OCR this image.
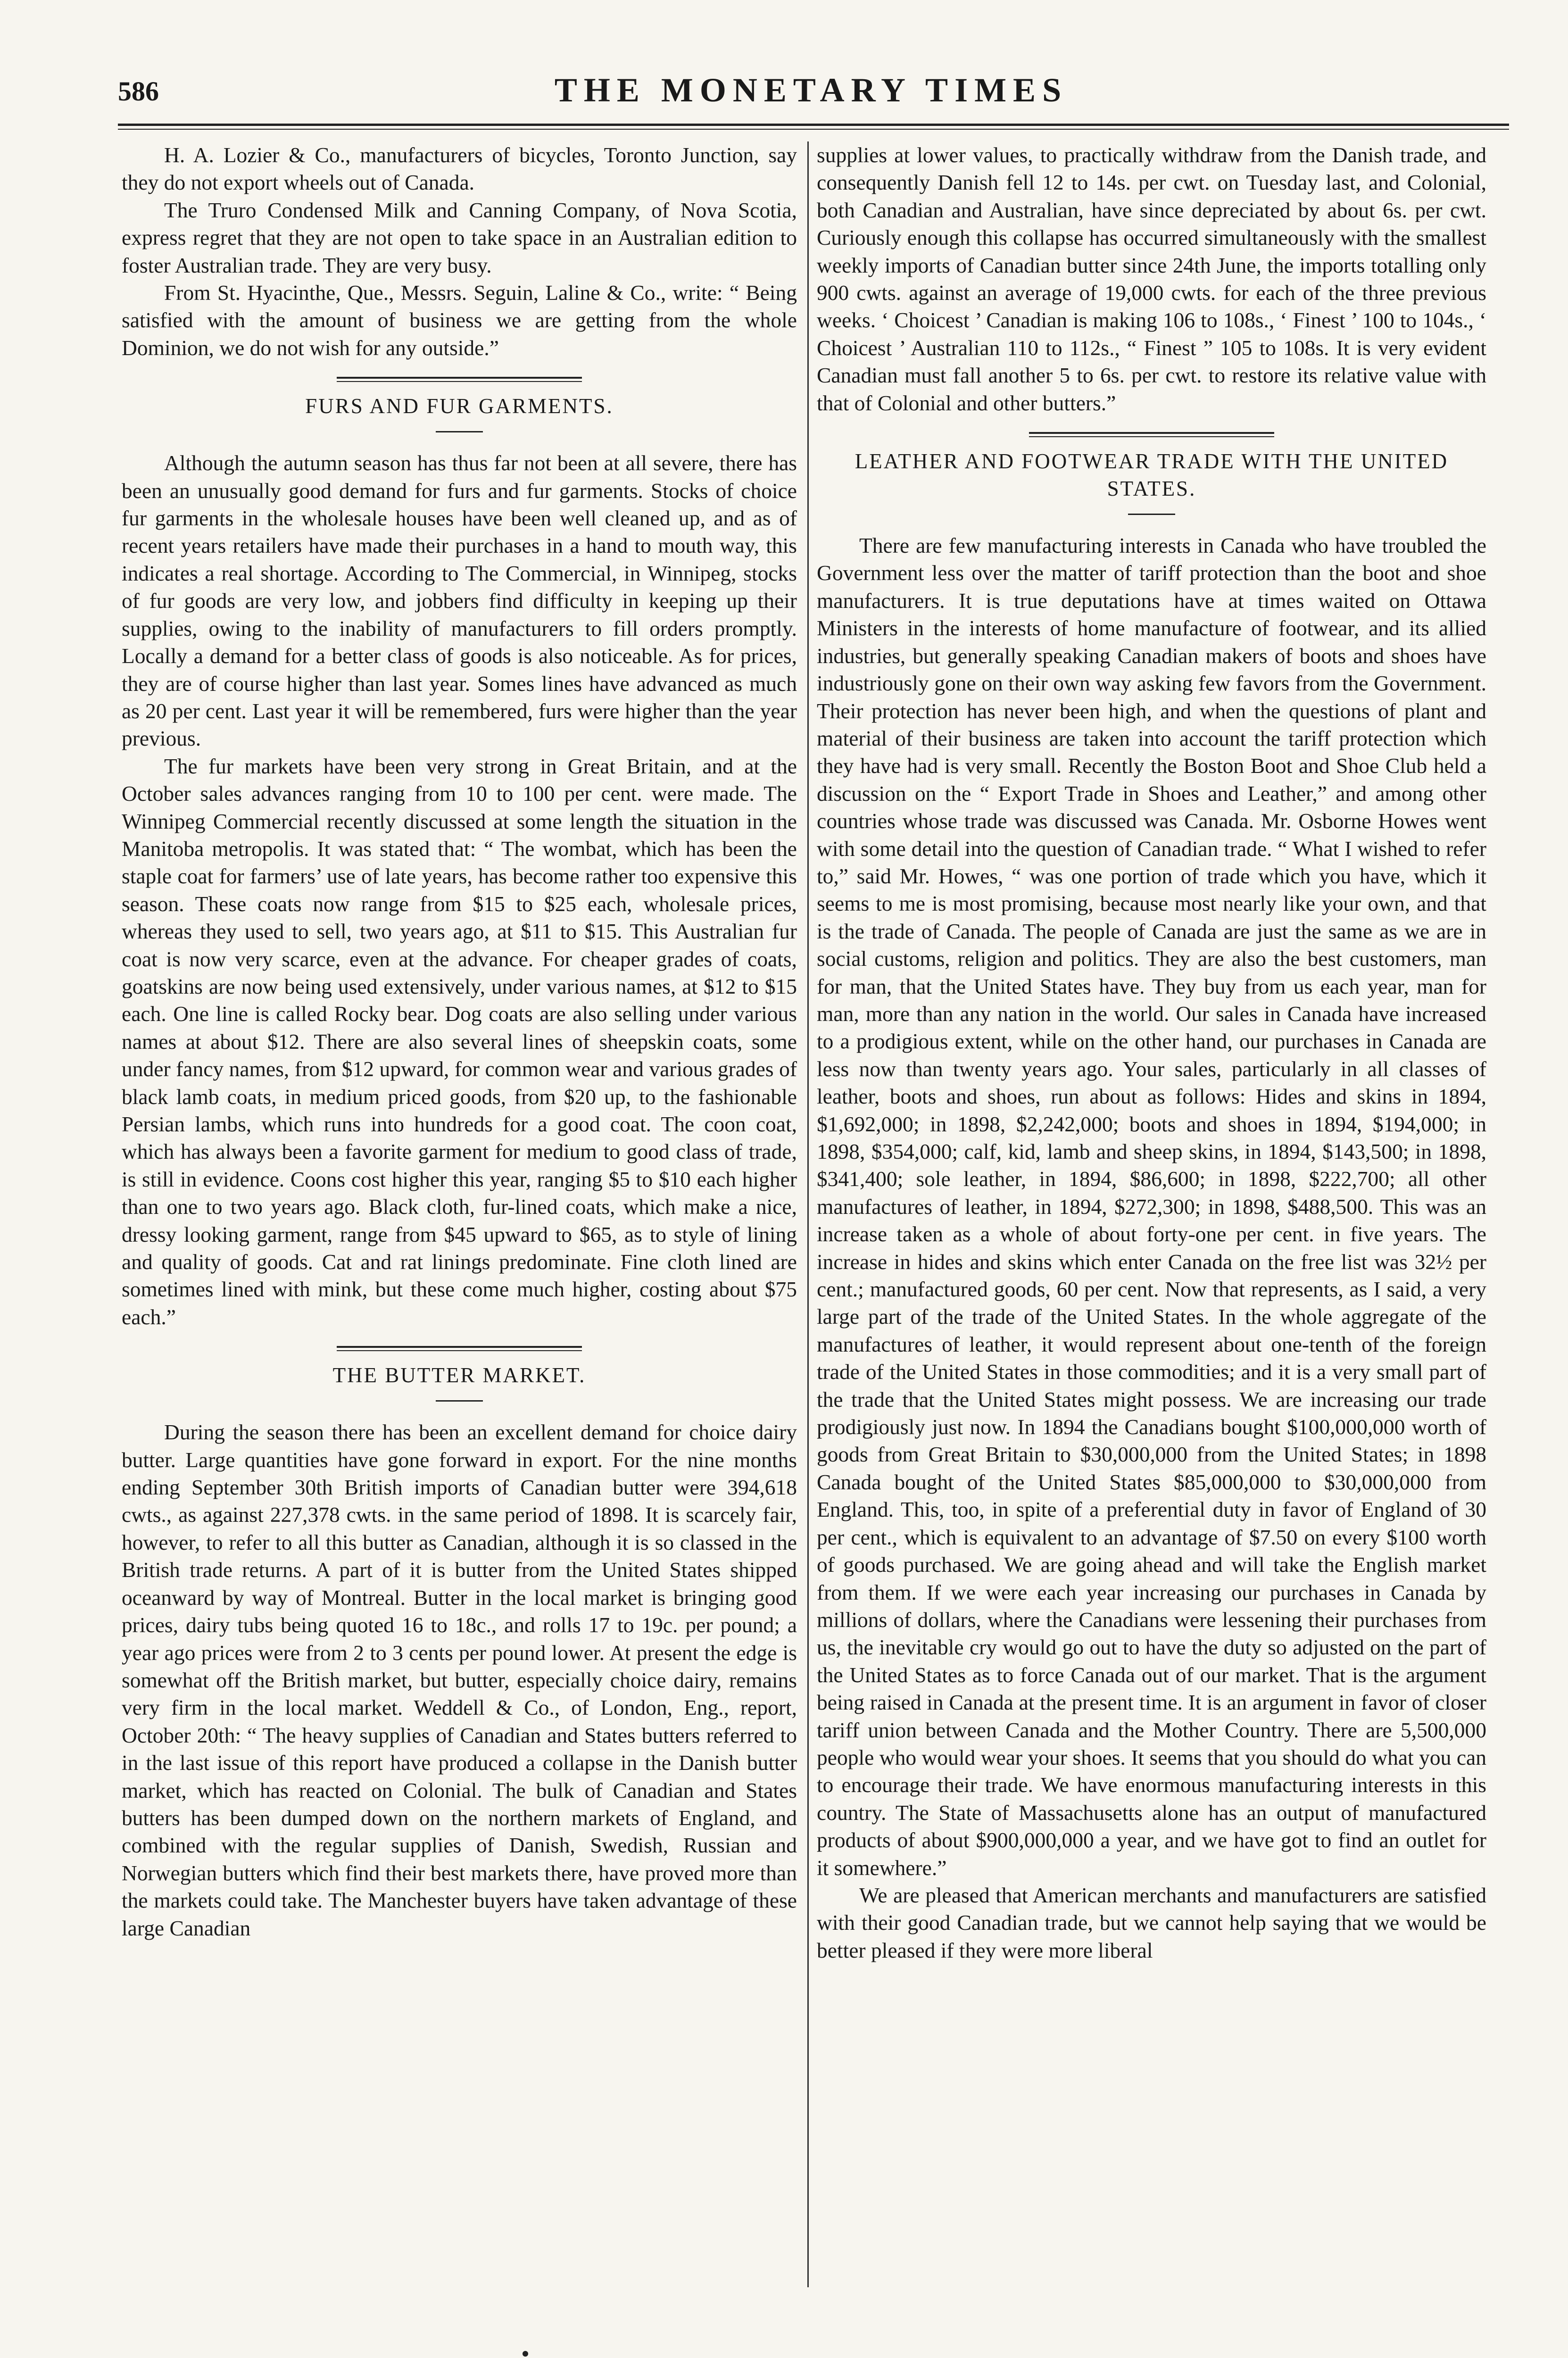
586	THE MONETARY TIMES

H. A. Lozier & Co., manufacturers of bicycles, Toronto Junction, say they do not export wheels out of Canada.

The Truro Condensed Milk and Canning Company, of Nova Scotia, express regret that they are not open to take space in an Australian edition to foster Australian trade. They are very busy.

From St. Hyacinthe, Que., Messrs. Seguin, Laline & Co., write: “ Being satisfied with the amount of business we are getting from the whole Dominion, we do not wish for any outside.”

FURS AND FUR GARMENTS.

Although the autumn season has thus far not been at all severe, there has been an unusually good demand for furs and fur garments. Stocks of choice fur garments in the wholesale houses have been well cleaned up, and as of recent years retailers have made their purchases in a hand to mouth way, this indicates a real shortage. According to The Commercial, in Winnipeg, stocks of fur goods are very low, and jobbers find difficulty in keeping up their supplies, owing to the inability of manufacturers to fill orders promptly. Locally a demand for a better class of goods is also noticeable. As for prices, they are of course higher than last year. Somes lines have advanced as much as 20 per cent. Last year it will be remembered, furs were higher than the year previous.

The fur markets have been very strong in Great Britain, and at the October sales advances ranging from 10 to 100 per cent. were made. The Winnipeg Commercial recently discussed at some length the situation in the Manitoba metropolis. It was stated that: “ The wombat, which has been the staple coat for farmers’ use of late years, has become rather too expensive this season. These coats now range from $15 to $25 each, wholesale prices, whereas they used to sell, two years ago, at $11 to $15. This Australian fur coat is now very scarce, even at the advance. For cheaper grades of coats, goatskins are now being used extensively, under various names, at $12 to $15 each. One line is called Rocky bear. Dog coats are also selling under various names at about $12. There are also several lines of sheepskin coats, some under fancy names, from $12 upward, for common wear and various grades of black lamb coats, in medium priced goods, from $20 up, to the fashionable Persian lambs, which runs into hundreds for a good coat. The coon coat, which has always been a favorite garment for medium to good class of trade, is still in evidence. Coons cost higher this year, ranging $5 to $10 each higher than one to two years ago. Black cloth, fur-lined coats, which make a nice, dressy looking garment, range from $45 upward to $65, as to style of lining and quality of goods. Cat and rat linings predominate. Fine cloth lined are sometimes lined with mink, but these come much higher, costing about $75 each.”

THE BUTTER MARKET.

During the season there has been an excellent demand for choice dairy butter. Large quantities have gone forward in export. For the nine months ending September 30th British imports of Canadian butter were 394,618 cwts., as against 227,378 cwts. in the same period of 1898. It is scarcely fair, however, to refer to all this butter as Canadian, although it is so classed in the British trade returns. A part of it is butter from the United States shipped oceanward by way of Montreal. Butter in the local market is bringing good prices, dairy tubs being quoted 16 to 18c., and rolls 17 to 19c. per pound; a year ago prices were from 2 to 3 cents per pound lower. At present the edge is somewhat off the British market, but butter, especially choice dairy, remains very firm in the local market. Weddell & Co., of London, Eng., report, October 20th: “ The heavy supplies of Canadian and States butters referred to in the last issue of this report have produced a collapse in the Danish butter market, which has reacted on Colonial. The bulk of Canadian and States butters has been dumped down on the northern markets of England, and combined with the regular supplies of Danish, Swedish, Russian and Norwegian butters which find their best markets there, have proved more than the markets could take. The Manchester buyers have taken advantage of these large Canadian

supplies at lower values, to practically withdraw from the Danish trade, and consequently Danish fell 12 to 14s. per cwt. on Tuesday last, and Colonial, both Canadian and Australian, have since depreciated by about 6s. per cwt. Curiously enough this collapse has occurred simultaneously with the smallest weekly imports of Canadian butter since 24th June, the imports totalling only 900 cwts. against an average of 19,000 cwts. for each of the three previous weeks. ‘ Choicest ’ Canadian is making 106 to 108s., ‘ Finest ’ 100 to 104s., ‘ Choicest ’ Australian 110 to 112s., “ Finest ” 105 to 108s. It is very evident Canadian must fall another 5 to 6s. per cwt. to restore its relative value with that of Colonial and other butters.”

LEATHER AND FOOTWEAR TRADE WITH THE UNITED STATES.

There are few manufacturing interests in Canada who have troubled the Government less over the matter of tariff protection than the boot and shoe manufacturers. It is true deputations have at times waited on Ottawa Ministers in the interests of home manufacture of footwear, and its allied industries, but generally speaking Canadian makers of boots and shoes have industriously gone on their own way asking few favors from the Government. Their protection has never been high, and when the questions of plant and material of their business are taken into account the tariff protection which they have had is very small. Recently the Boston Boot and Shoe Club held a discussion on the “ Export Trade in Shoes and Leather,” and among other countries whose trade was discussed was Canada. Mr. Osborne Howes went with some detail into the question of Canadian trade. “ What I wished to refer to,” said Mr. Howes, “ was one portion of trade which you have, which it seems to me is most promising, because most nearly like your own, and that is the trade of Canada. The people of Canada are just the same as we are in social customs, religion and politics. They are also the best customers, man for man, that the United States have. They buy from us each year, man for man, more than any nation in the world. Our sales in Canada have increased to a prodigious extent, while on the other hand, our purchases in Canada are less now than twenty years ago. Your sales, particularly in all classes of leather, boots and shoes, run about as follows: Hides and skins in 1894, $1,692,000; in 1898, $2,242,000; boots and shoes in 1894, $194,000; in 1898, $354,000; calf, kid, lamb and sheep skins, in 1894, $143,500; in 1898, $341,400; sole leather, in 1894, $86,600; in 1898, $222,700; all other manufactures of leather, in 1894, $272,300; in 1898, $488,500. This was an increase taken as a whole of about forty-one per cent. in five years. The increase in hides and skins which enter Canada on the free list was 32½ per cent.; manufactured goods, 60 per cent. Now that represents, as I said, a very large part of the trade of the United States. In the whole aggregate of the manufactures of leather, it would represent about one-tenth of the foreign trade of the United States in those commodities; and it is a very small part of the trade that the United States might possess. We are increasing our trade prodigiously just now. In 1894 the Canadians bought $100,000,000 worth of goods from Great Britain to $30,000,000 from the United States; in 1898 Canada bought of the United States $85,000,000 to $30,000,000 from England. This, too, in spite of a preferential duty in favor of England of 30 per cent., which is equivalent to an advantage of $7.50 on every $100 worth of goods purchased. We are going ahead and will take the English market from them. If we were each year increasing our purchases in Canada by millions of dollars, where the Canadians were lessening their purchases from us, the inevitable cry would go out to have the duty so adjusted on the part of the United States as to force Canada out of our market. That is the argument being raised in Canada at the present time. It is an argument in favor of closer tariff union between Canada and the Mother Country. There are 5,500,000 people who would wear your shoes. It seems that you should do what you can to encourage their trade. We have enormous manufacturing interests in this country. The State of Massachusetts alone has an output of manufactured products of about $900,000,000 a year, and we have got to find an outlet for it somewhere.”

We are pleased that American merchants and manufacturers are satisfied with their good Canadian trade, but we cannot help saying that we would be better pleased if they were more liberal
